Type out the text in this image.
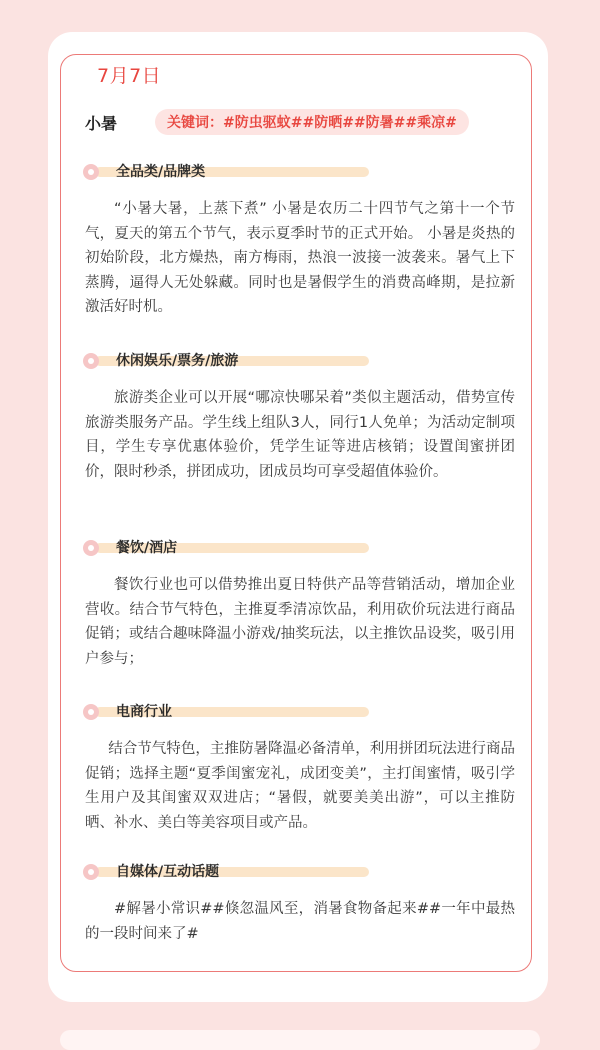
7月7日
小暑	关键词：#防虫驱蚊##防晒##防暑##乘凉#
全品类/品牌类

“小暑大暑，上蒸下煮” 小暑是农历二十四节气之第十一个节气，夏天的第五个节气，表示夏季时节的正式开始。 小暑是炎热的初始阶段，北方燥热，南方梅雨，热浪一波接一波袭来。暑气上下蒸腾，逼得人无处躲藏。同时也是暑假学生的消费高峰期，是拉新激活好时机。

休闲娱乐/票务/旅游

旅游类企业可以开展“哪凉快哪呆着”类似主题活动，借势宣传旅游类服务产品。学生线上组队3人，同行1人免单；为活动定制项目，学生专享优惠体验价，凭学生证等进店核销；设置闺蜜拼团价，限时秒杀，拼团成功，团成员均可享受超值体验价。

餐饮/酒店

餐饮行业也可以借势推出夏日特供产品等营销活动，增加企业营收。结合节气特色，主推夏季清凉饮品，利用砍价玩法进行商品促销；或结合趣味降温小游戏/抽奖玩法，以主推饮品设奖，吸引用户参与；

电商行业

结合节气特色，主推防暑降温必备清单，利用拼团玩法进行商品促销；选择主题“夏季闺蜜宠礼，成团变美”，主打闺蜜情，吸引学生用户及其闺蜜双双进店；“暑假，就要美美出游”，可以主推防晒、补水、美白等美容项目或产品。

自媒体/互动话题

#解暑小常识##倏忽温风至，消暑食物备起来##一年中最热的一段时间来了#
